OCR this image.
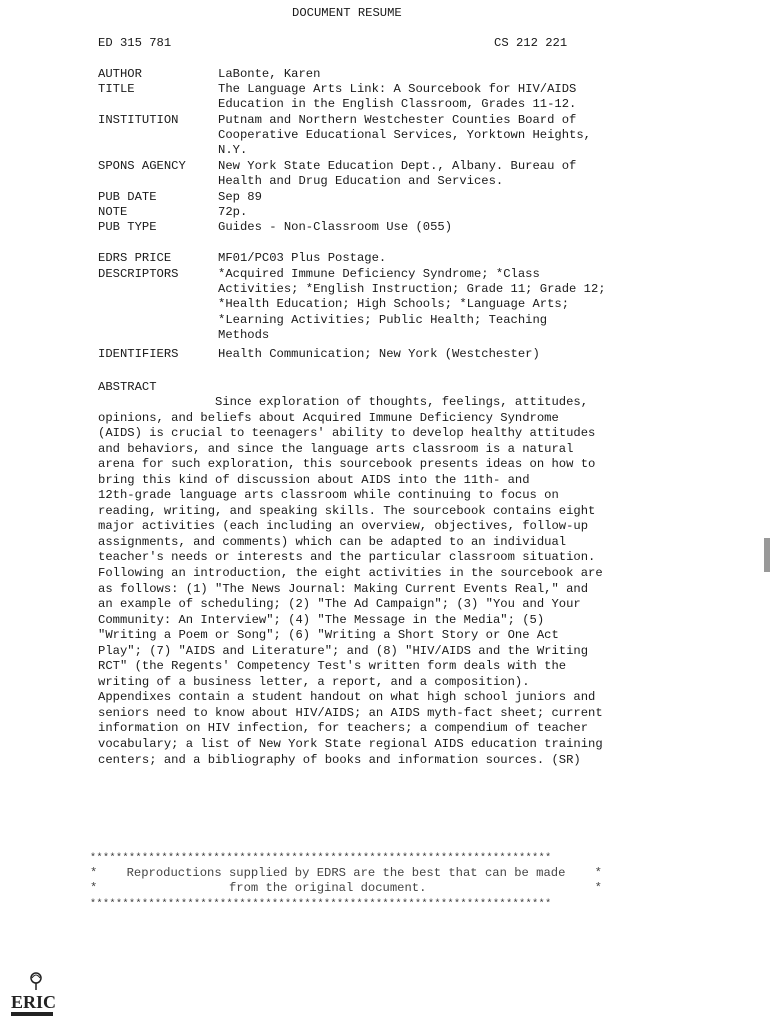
DOCUMENT RESUME
ED 315 781	CS 212 221
AUTHOR	LaBonte, Karen
TITLE	The Language Arts Link: A Sourcebook for HIV/AIDS
Education in the English Classroom, Grades 11-12.
INSTITUTION	Putnam and Northern Westchester Counties Board of
Cooperative Educational Services, Yorktown Heights,
N.Y.
SPONS AGENCY	New York State Education Dept., Albany. Bureau of
Health and Drug Education and Services.
PUB DATE	Sep 89
NOTE	72p.
PUB TYPE	Guides - Non-Classroom Use (055)
EDRS PRICE	MF01/PC03 Plus Postage.
DESCRIPTORS	*Acquired Immune Deficiency Syndrome; *Class
Activities; *English Instruction; Grade 11; Grade 12;
*Health Education; High Schools; *Language Arts;
*Learning Activities; Public Health; Teaching
Methods
IDENTIFIERS	Health Communication; New York (Westchester)
ABSTRACT
Since exploration of thoughts, feelings, attitudes,
opinions, and beliefs about Acquired Immune Deficiency Syndrome
(AIDS) is crucial to teenagers' ability to develop healthy attitudes
and behaviors, and since the language arts classroom is a natural
arena for such exploration, this sourcebook presents ideas on how to
bring this kind of discussion about AIDS into the 11th- and
12th-grade language arts classroom while continuing to focus on
reading, writing, and speaking skills. The sourcebook contains eight
major activities (each including an overview, objectives, follow-up
assignments, and comments) which can be adapted to an individual
teacher's needs or interests and the particular classroom situation.
Following an introduction, the eight activities in the sourcebook are
as follows: (1) "The News Journal: Making Current Events Real," and
an example of scheduling; (2) "The Ad Campaign"; (3) "You and Your
Community: An Interview"; (4) "The Message in the Media"; (5)
"Writing a Poem or Song"; (6) "Writing a Short Story or One Act
Play"; (7) "AIDS and Literature"; and (8) "HIV/AIDS and the Writing
RCT" (the Regents' Competency Test's written form deals with the
writing of a business letter, a report, and a composition).
Appendixes contain a student handout on what high school juniors and
seniors need to know about HIV/AIDS; an AIDS myth-fact sheet; current
information on HIV infection, for teachers; a compendium of teacher
vocabulary; a list of New York State regional AIDS education training
centers; and a bibliography of books and information sources. (SR)
***********************************************************************
*    Reproductions supplied by EDRS are the best that can be made    *
*                  from the original document.                       *
***********************************************************************
ERIC
